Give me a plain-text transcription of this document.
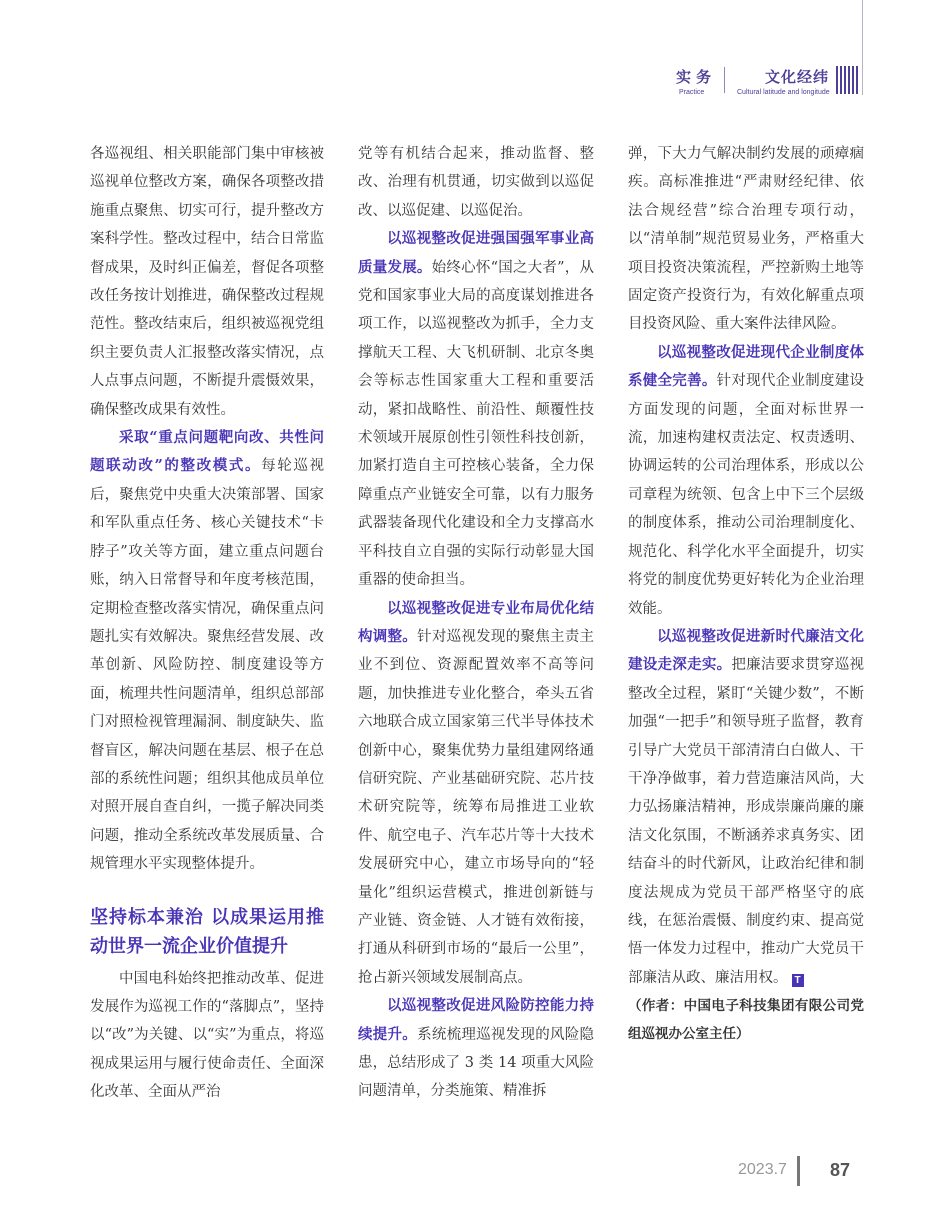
实务
Practice
文化经纬
Cultural latitude and longitude

各巡视组、相关职能部门集中审核被巡视单位整改方案，确保各项整改措施重点聚焦、切实可行，提升整改方案科学性。整改过程中，结合日常监督成果，及时纠正偏差，督促各项整改任务按计划推进，确保整改过程规范性。整改结束后，组织被巡视党组织主要负责人汇报整改落实情况，点人点事点问题，不断提升震慑效果，确保整改成果有效性。

采取“重点问题靶向改、共性问题联动改”的整改模式。每轮巡视后，聚焦党中央重大决策部署、国家和军队重点任务、核心关键技术“卡脖子”攻关等方面，建立重点问题台账，纳入日常督导和年度考核范围，定期检查整改落实情况，确保重点问题扎实有效解决。聚焦经营发展、改革创新、风险防控、制度建设等方面，梳理共性问题清单，组织总部部门对照检视管理漏洞、制度缺失、监督盲区，解决问题在基层、根子在总部的系统性问题；组织其他成员单位对照开展自查自纠，一揽子解决同类问题，推动全系统改革发展质量、合规管理水平实现整体提升。

坚持标本兼治 以成果运用推动世界一流企业价值提升

中国电科始终把推动改革、促进发展作为巡视工作的“落脚点”，坚持以“改”为关键、以“实”为重点，将巡视成果运用与履行使命责任、全面深化改革、全面从严治

党等有机结合起来，推动监督、整改、治理有机贯通，切实做到以巡促改、以巡促建、以巡促治。

以巡视整改促进强国强军事业高质量发展。始终心怀“国之大者”，从党和国家事业大局的高度谋划推进各项工作，以巡视整改为抓手，全力支撑航天工程、大飞机研制、北京冬奥会等标志性国家重大工程和重要活动，紧扣战略性、前沿性、颠覆性技术领域开展原创性引领性科技创新，加紧打造自主可控核心装备，全力保障重点产业链安全可靠，以有力服务武器装备现代化建设和全力支撑高水平科技自立自强的实际行动彰显大国重器的使命担当。

以巡视整改促进专业布局优化结构调整。针对巡视发现的聚焦主责主业不到位、资源配置效率不高等问题，加快推进专业化整合，牵头五省六地联合成立国家第三代半导体技术创新中心，聚集优势力量组建网络通信研究院、产业基础研究院、芯片技术研究院等，统筹布局推进工业软件、航空电子、汽车芯片等十大技术发展研究中心，建立市场导向的“轻量化”组织运营模式，推进创新链与产业链、资金链、人才链有效衔接，打通从科研到市场的“最后一公里”，抢占新兴领域发展制高点。

以巡视整改促进风险防控能力持续提升。系统梳理巡视发现的风险隐患，总结形成了 3 类 14 项重大风险问题清单，分类施策、精准拆

弹，下大力气解决制约发展的顽瘴痼疾。高标准推进“严肃财经纪律、依法合规经营”综合治理专项行动，以“清单制”规范贸易业务，严格重大项目投资决策流程，严控新购土地等固定资产投资行为，有效化解重点项目投资风险、重大案件法律风险。

以巡视整改促进现代企业制度体系健全完善。针对现代企业制度建设方面发现的问题，全面对标世界一流，加速构建权责法定、权责透明、协调运转的公司治理体系，形成以公司章程为统领、包含上中下三个层级的制度体系，推动公司治理制度化、规范化、科学化水平全面提升，切实将党的制度优势更好转化为企业治理效能。

以巡视整改促进新时代廉洁文化建设走深走实。把廉洁要求贯穿巡视整改全过程，紧盯“关键少数”，不断加强“一把手”和领导班子监督，教育引导广大党员干部清清白白做人、干干净净做事，着力营造廉洁风尚，大力弘扬廉洁精神，形成崇廉尚廉的廉洁文化氛围，不断涵养求真务实、团结奋斗的时代新风，让政治纪律和制度法规成为党员干部严格坚守的底线，在惩治震慑、制度约束、提高觉悟一体发力过程中，推动广大党员干部廉洁从政、廉洁用权。 T

（作者：中国电子科技集团有限公司党组巡视办公室主任）

2023.7 87
